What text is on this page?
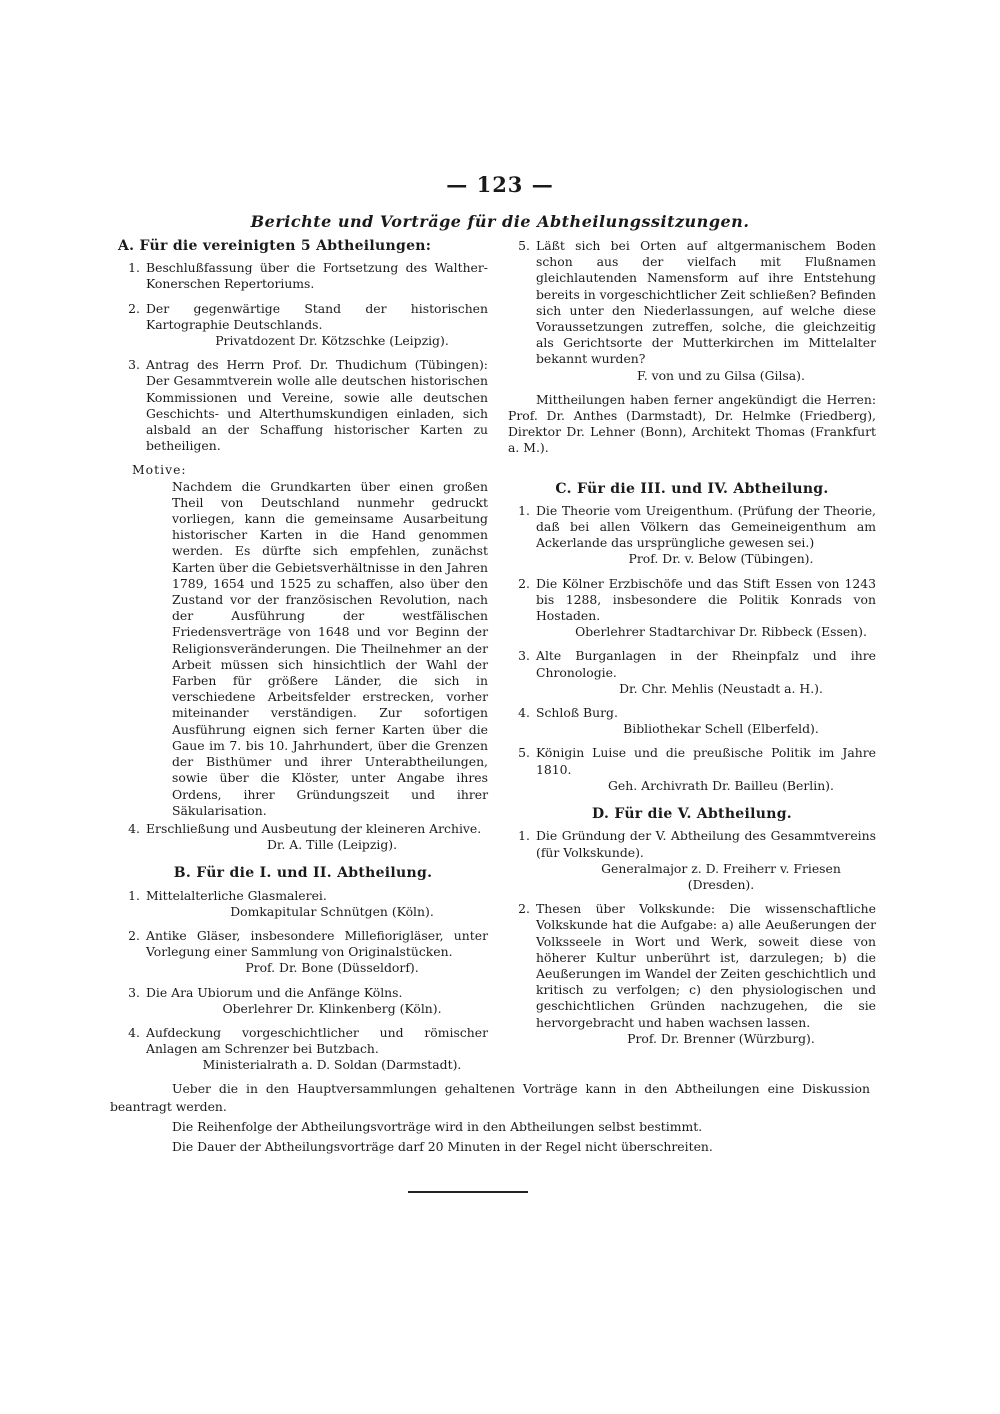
— 123 —
Berichte und Vorträge für die Abtheilungssitzungen.
A. Für die vereinigten 5 Abtheilungen:
1. Beschlußfassung über die Fortsetzung des Walther-Konerschen Repertoriums.

2. Der gegenwärtige Stand der historischen Kartographie Deutschlands.

Privatdozent Dr. Kötzschke (Leipzig).
3. Antrag des Herrn Prof. Dr. Thudichum (Tübingen): Der Gesammtverein wolle alle deutschen historischen Kommissionen und Vereine, sowie alle deutschen Geschichts- und Alterthumskundigen einladen, sich alsbald an der Schaffung historischer Karten zu betheiligen.

Motive:
Nachdem die Grundkarten über einen großen Theil von Deutschland nunmehr gedruckt vorliegen, kann die gemeinsame Ausarbeitung historischer Karten in die Hand genommen werden. Es dürfte sich empfehlen, zunächst Karten über die Gebietsverhältnisse in den Jahren 1789, 1654 und 1525 zu schaffen, also über den Zustand vor der französischen Revolution, nach der Ausführung der westfälischen Friedensverträge von 1648 und vor Beginn der Religionsveränderungen. Die Theilnehmer an der Arbeit müssen sich hinsichtlich der Wahl der Farben für größere Länder, die sich in verschiedene Arbeitsfelder erstrecken, vorher miteinander verständigen. Zur sofortigen Ausführung eignen sich ferner Karten über die Gaue im 7. bis 10. Jahrhundert, über die Grenzen der Bisthümer und ihrer Unterabtheilungen, sowie über die Klöster, unter Angabe ihres Ordens, ihrer Gründungszeit und ihrer Säkularisation.
4. Erschließung und Ausbeutung der kleineren Archive.

Dr. A. Tille (Leipzig).
B. Für die I. und II. Abtheilung.
1. Mittelalterliche Glasmalerei.

Domkapitular Schnütgen (Köln).
2. Antike Gläser, insbesondere Millefiorigläser, unter Vorlegung einer Sammlung von Originalstücken.

Prof. Dr. Bone (Düsseldorf).
3. Die Ara Ubiorum und die Anfänge Kölns.

Oberlehrer Dr. Klinkenberg (Köln).
4. Aufdeckung vorgeschichtlicher und römischer Anlagen am Schrenzer bei Butzbach.

Ministerialrath a. D. Soldan (Darmstadt).
5. Läßt sich bei Orten auf altgermanischem Boden schon aus der vielfach mit Flußnamen gleichlautenden Namensform auf ihre Entstehung bereits in vorgeschichtlicher Zeit schließen? Befinden sich unter den Niederlassungen, auf welche diese Voraussetzungen zutreffen, solche, die gleichzeitig als Gerichtsorte der Mutterkirchen im Mittelalter bekannt wurden?

F. von und zu Gilsa (Gilsa).

Mittheilungen haben ferner angekündigt die Herren: Prof. Dr. Anthes (Darmstadt), Dr. Helmke (Friedberg), Direktor Dr. Lehner (Bonn), Architekt Thomas (Frankfurt a. M.).

C. Für die III. und IV. Abtheilung.
1. Die Theorie vom Ureigenthum. (Prüfung der Theorie, daß bei allen Völkern das Gemeineigenthum am Ackerlande das ursprüngliche gewesen sei.)

Prof. Dr. v. Below (Tübingen).
2. Die Kölner Erzbischöfe und das Stift Essen von 1243 bis 1288, insbesondere die Politik Konrads von Hostaden.

Oberlehrer Stadtarchivar Dr. Ribbeck (Essen).
3. Alte Burganlagen in der Rheinpfalz und ihre Chronologie.

Dr. Chr. Mehlis (Neustadt a. H.).
4. Schloß Burg.

Bibliothekar Schell (Elberfeld).
5. Königin Luise und die preußische Politik im Jahre 1810.

Geh. Archivrath Dr. Bailleu (Berlin).
D. Für die V. Abtheilung.
1. Die Gründung der V. Abtheilung des Gesammtvereins (für Volkskunde).

Generalmajor z. D. Freiherr v. Friesen (Dresden).
2. Thesen über Volkskunde: Die wissenschaftliche Volkskunde hat die Aufgabe: a) alle Aeußerungen der Volksseele in Wort und Werk, soweit diese von höherer Kultur unberührt ist, darzulegen; b) die Aeußerungen im Wandel der Zeiten geschichtlich und kritisch zu verfolgen; c) den physiologischen und geschichtlichen Gründen nachzugehen, die sie hervorgebracht und haben wachsen lassen.

Prof. Dr. Brenner (Würzburg).

Ueber die in den Hauptversammlungen gehaltenen Vorträge kann in den Abtheilungen eine Diskussion beantragt werden.

Die Reihenfolge der Abtheilungsvorträge wird in den Abtheilungen selbst bestimmt.

Die Dauer der Abtheilungsvorträge darf 20 Minuten in der Regel nicht überschreiten.
